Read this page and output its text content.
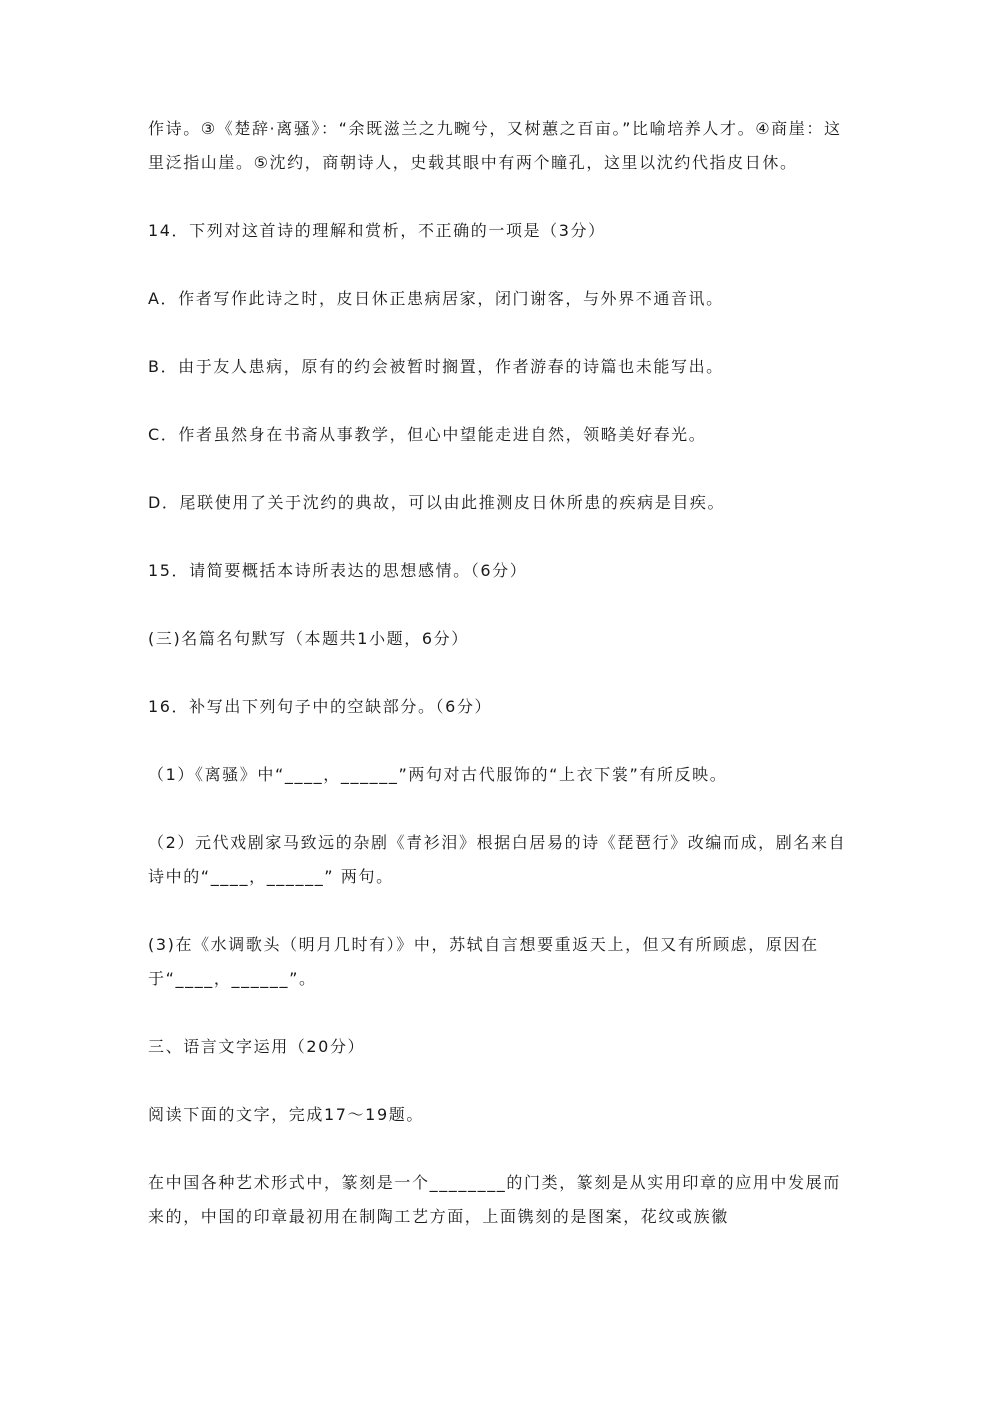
作诗。③《楚辞·离骚》：“余既滋兰之九畹兮，又树蕙之百亩。”比喻培养人才。④商崖：这里泛指山崖。⑤沈约，商朝诗人，史载其眼中有两个瞳孔，这里以沈约代指皮日休。

14．下列对这首诗的理解和赏析，不正确的一项是（3分）

A．作者写作此诗之时，皮日休正患病居家，闭门谢客，与外界不通音讯。

B．由于友人患病，原有的约会被暂时搁置，作者游春的诗篇也未能写出。

C．作者虽然身在书斋从事教学，但心中望能走进自然，领略美好春光。

D．尾联使用了关于沈约的典故，可以由此推测皮日休所患的疾病是目疾。

15．请简要概括本诗所表达的思想感情。（6分）

(三)名篇名句默写（本题共1小题，6分）

16．补写出下列句子中的空缺部分。（6分）

（1）《离骚》中“____，______”两句对古代服饰的“上衣下裳”有所反映。

（2）元代戏剧家马致远的杂剧《青衫泪》根据白居易的诗《琵琶行》改编而成，剧名来自诗中的“____，______” 两句。

(3)在《水调歌头（明月几时有）》中，苏轼自言想要重返天上，但又有所顾虑，原因在于“____，______”。

三、语言文字运用（20分）

阅读下面的文字，完成17～19题。

在中国各种艺术形式中，篆刻是一个________的门类，篆刻是从实用印章的应用中发展而来的，中国的印章最初用在制陶工艺方面，上面镌刻的是图案，花纹或族徽
